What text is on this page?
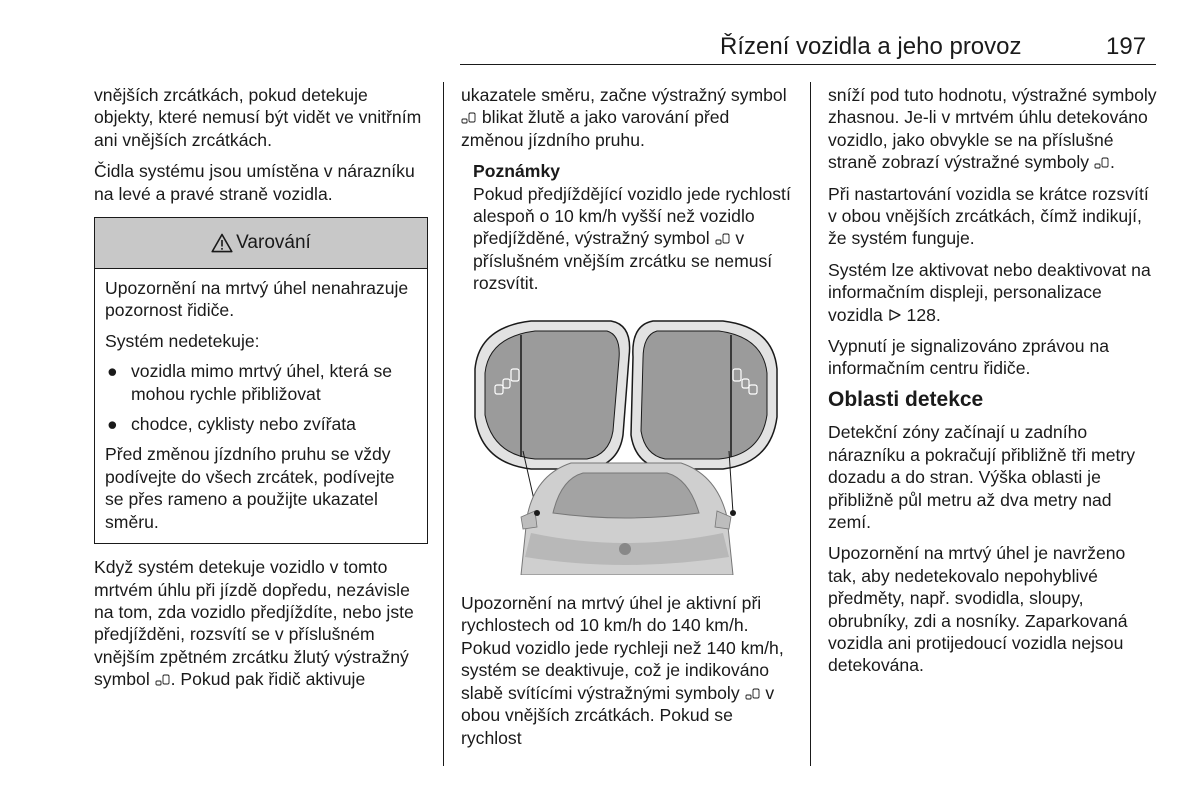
Řízení vozidla a jeho provoz	197

vnějších zrcátkách, pokud detekuje objekty, které nemusí být vidět ve vnitřním ani vnějších zrcátkách.

Čidla systému jsou umístěna v nárazníku na levé a pravé straně vozidla.

Varování

Upozornění na mrtvý úhel nenahrazuje pozornost řidiče.

Systém nedetekuje:

● vozidla mimo mrtvý úhel, která se mohou rychle přibližovat
● chodce, cyklisty nebo zvířata

Před změnou jízdního pruhu se vždy podívejte do všech zrcátek, podívejte se přes rameno a použijte ukazatel směru.

Když systém detekuje vozidlo v tomto mrtvém úhlu při jízdě dopředu, nezávisle na tom, zda vozidlo předjíždíte, nebo jste předjížděni, rozsvítí se v příslušném vnějším zpětném zrcátku žlutý výstražný symbol . Pokud pak řidič aktivuje

ukazatele směru, začne výstražný symbol  blikat žlutě a jako varování před změnou jízdního pruhu.

Poznámky
Pokud předjíždějící vozidlo jede rychlostí alespoň o 10 km/h vyšší než vozidlo předjížděné, výstražný symbol  v příslušném vnějším zrcátku se nemusí rozsvítit.

Upozornění na mrtvý úhel je aktivní při rychlostech od 10 km/h do 140 km/h. Pokud vozidlo jede rychleji než 140 km/h, systém se deaktivuje, což je indikováno slabě svítícími výstražnými symboly  v obou vnějších zrcátkách. Pokud se rychlost

sníží pod tuto hodnotu, výstražné symboly zhasnou. Je-li v mrtvém úhlu detekováno vozidlo, jako obvykle se na příslušné straně zobrazí výstražné symboly .

Při nastartování vozidla se krátce rozsvítí v obou vnějších zrcátkách, čímž indikují, že systém funguje.

Systém lze aktivovat nebo deaktivovat na informačním displeji, personalizace vozidla  128.

Vypnutí je signalizováno zprávou na informačním centru řidiče.

Oblasti detekce

Detekční zóny začínají u zadního nárazníku a pokračují přibližně tři metry dozadu a do stran. Výška oblasti je přibližně půl metru až dva metry nad zemí.

Upozornění na mrtvý úhel je navrženo tak, aby nedetekovalo nepohyblivé předměty, např. svodidla, sloupy, obrubníky, zdi a nosníky. Zaparkovaná vozidla ani protijedoucí vozidla nejsou detekována.
